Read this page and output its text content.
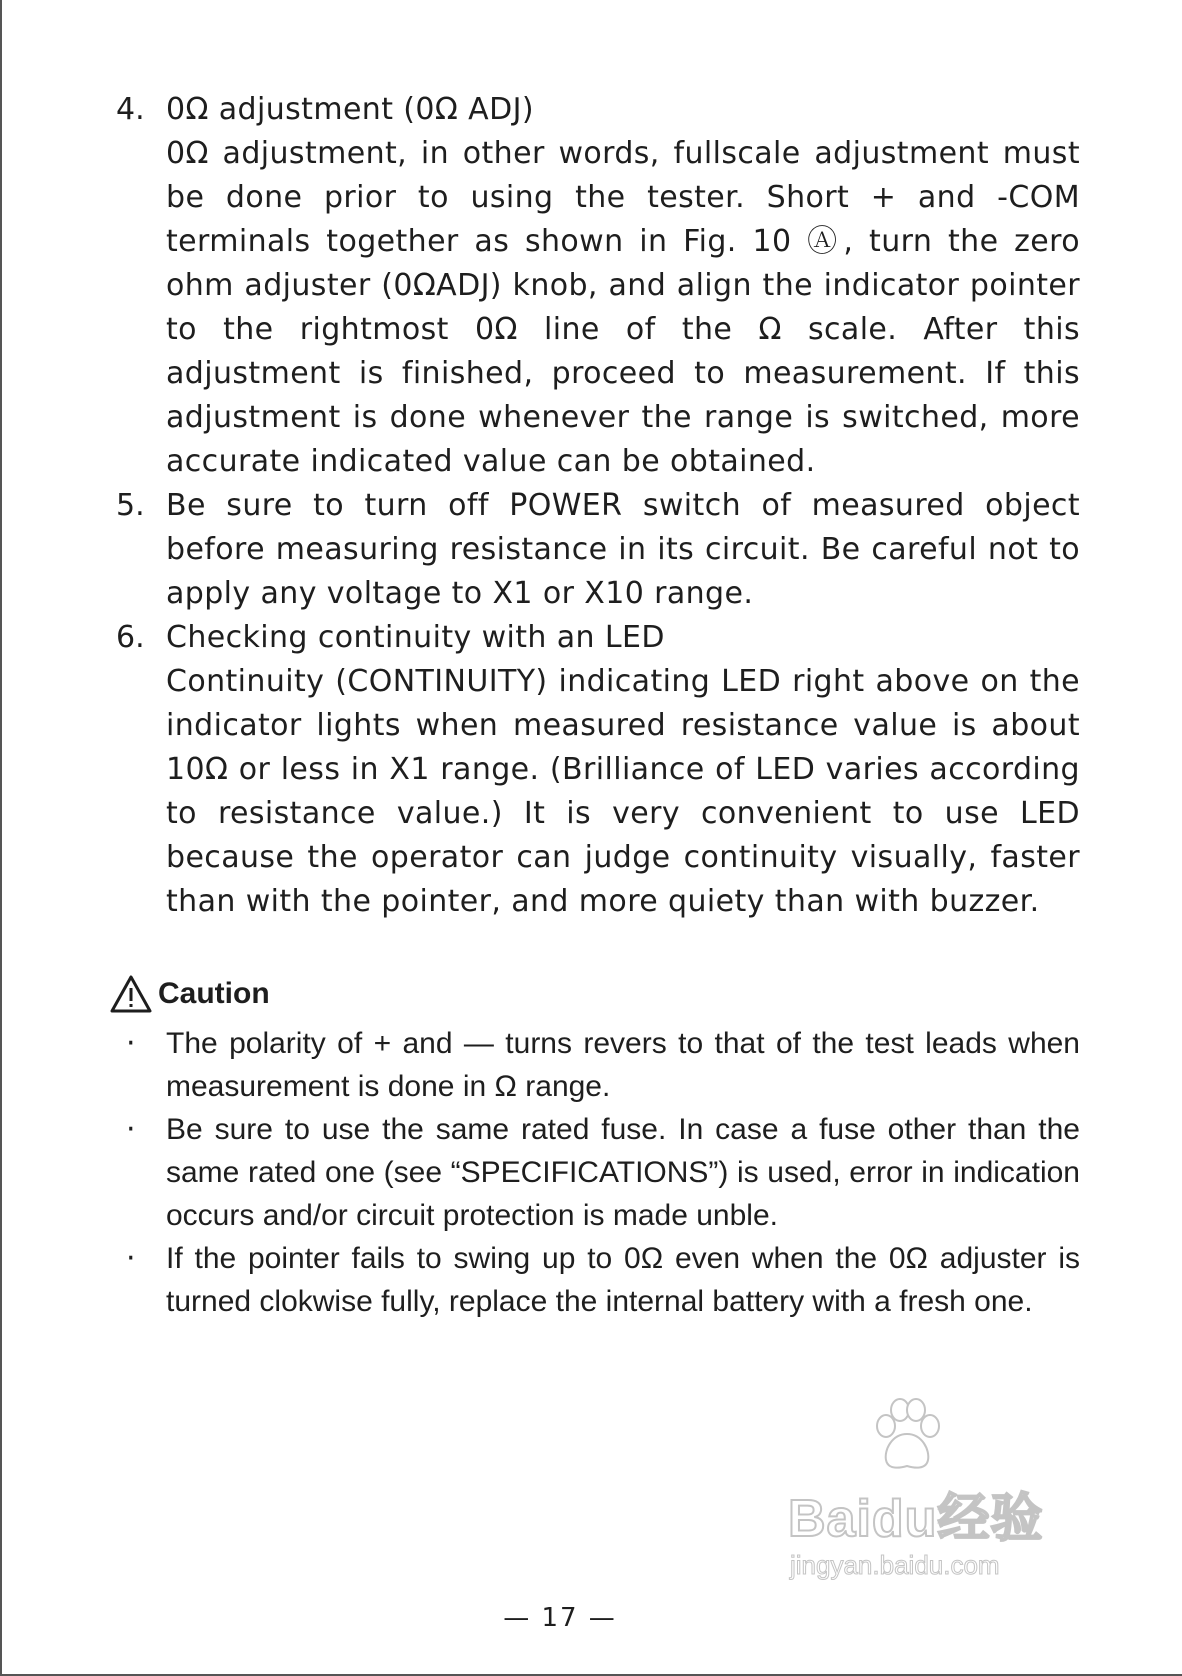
4. 0Ω adjustment (0Ω ADJ)

0Ω adjustment, in other words, fullscale adjustment must be done prior to using the tester. Short + and -COM terminals together as shown in Fig. 10 Ⓐ, turn the zero ohm adjuster (0ΩADJ) knob, and align the indicator pointer to the rightmost 0Ω line of the Ω scale. After this adjustment is finished, proceed to measurement. If this adjustment is done whenever the range is switched, more accurate indicated value can be obtained.

5. Be sure to turn off POWER switch of measured object before measuring resistance in its circuit. Be careful not to apply any voltage to X1 or X10 range.

6. Checking continuity with an LED

Continuity (CONTINUITY) indicating LED right above on the indicator lights when measured resistance value is about 10Ω or less in X1 range. (Brilliance of LED varies according to resistance value.) It is very convenient to use LED because the operator can judge continuity visually, faster than with the pointer, and more quiety than with buzzer.

Caution
· The polarity of + and — turns revers to that of the test leads when measurement is done in Ω range.

· Be sure to use the same rated fuse. In case a fuse other than the same rated one (see “SPECIFICATIONS”) is used, error in indication occurs and/or circuit protection is made unble.

· If the pointer fails to swing up to 0Ω even when the 0Ω adjuster is turned clokwise fully, replace the internal battery with a fresh one.

Baidu经验
jingyan.baidu.com
— 17 —
